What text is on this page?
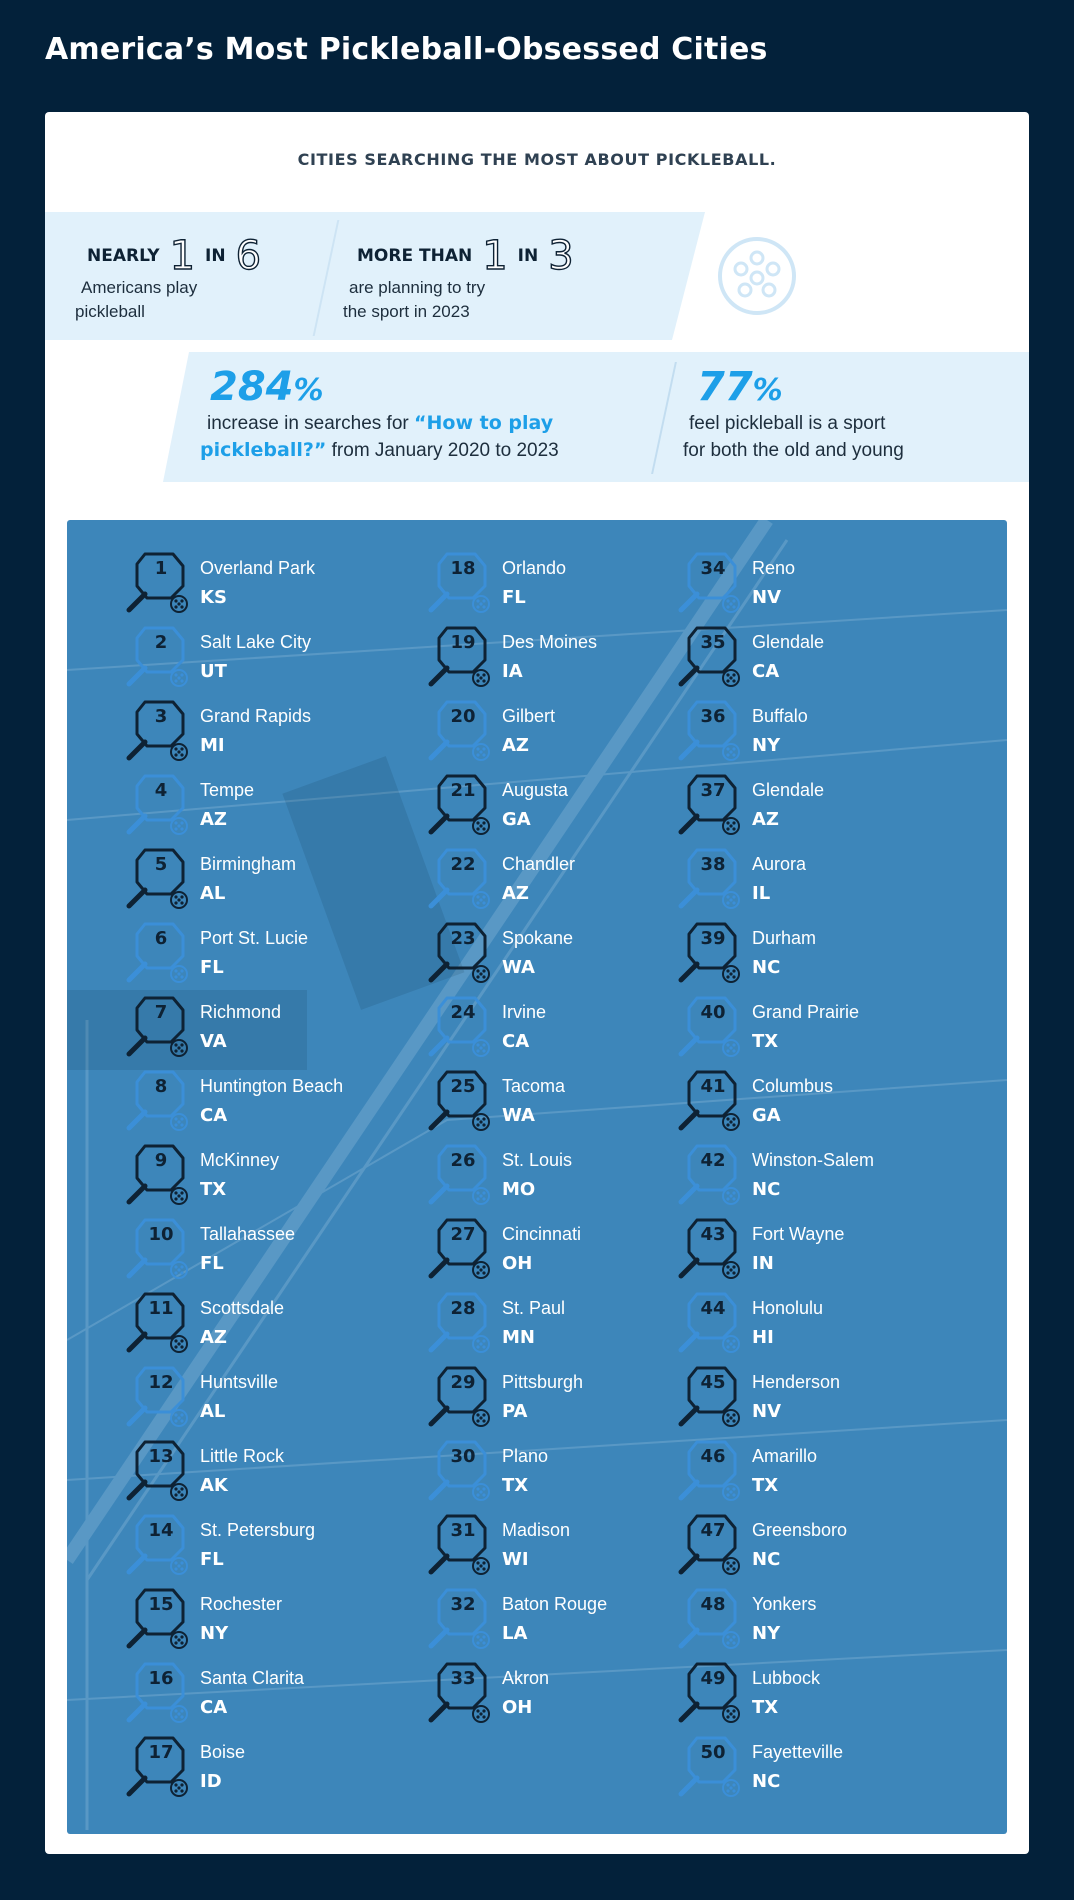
America’s Most Pickleball-Obsessed Cities
CITIES SEARCHING THE MOST ABOUT PICKLEBALL.
NEARLY 1 IN 6
Americans play
pickleball
MORE THAN 1 IN 3
are planning to try
the sport in 2023
284%
increase in searches for “How to play
pickleball?” from January 2020 to 2023
77%
feel pickleball is a sport
for both the old and young
1	Overland Park
KS
2	Salt Lake City
UT
3	Grand Rapids
MI
4	Tempe
AZ
5	Birmingham
AL
6	Port St. Lucie
FL
7	Richmond
VA
8	Huntington Beach
CA
9	McKinney
TX
10	Tallahassee
FL
11	Scottsdale
AZ
12	Huntsville
AL
13	Little Rock
AK
14	St. Petersburg
FL
15	Rochester
NY
16	Santa Clarita
CA
17	Boise
ID
18	Orlando
FL
19	Des Moines
IA
20	Gilbert
AZ
21	Augusta
GA
22	Chandler
AZ
23	Spokane
WA
24	Irvine
CA
25	Tacoma
WA
26	St. Louis
MO
27	Cincinnati
OH
28	St. Paul
MN
29	Pittsburgh
PA
30	Plano
TX
31	Madison
WI
32	Baton Rouge
LA
33	Akron
OH
34	Reno
NV
35	Glendale
CA
36	Buffalo
NY
37	Glendale
AZ
38	Aurora
IL
39	Durham
NC
40	Grand Prairie
TX
41	Columbus
GA
42	Winston-Salem
NC
43	Fort Wayne
IN
44	Honolulu
HI
45	Henderson
NV
46	Amarillo
TX
47	Greensboro
NC
48	Yonkers
NY
49	Lubbock
TX
50	Fayetteville
NC
